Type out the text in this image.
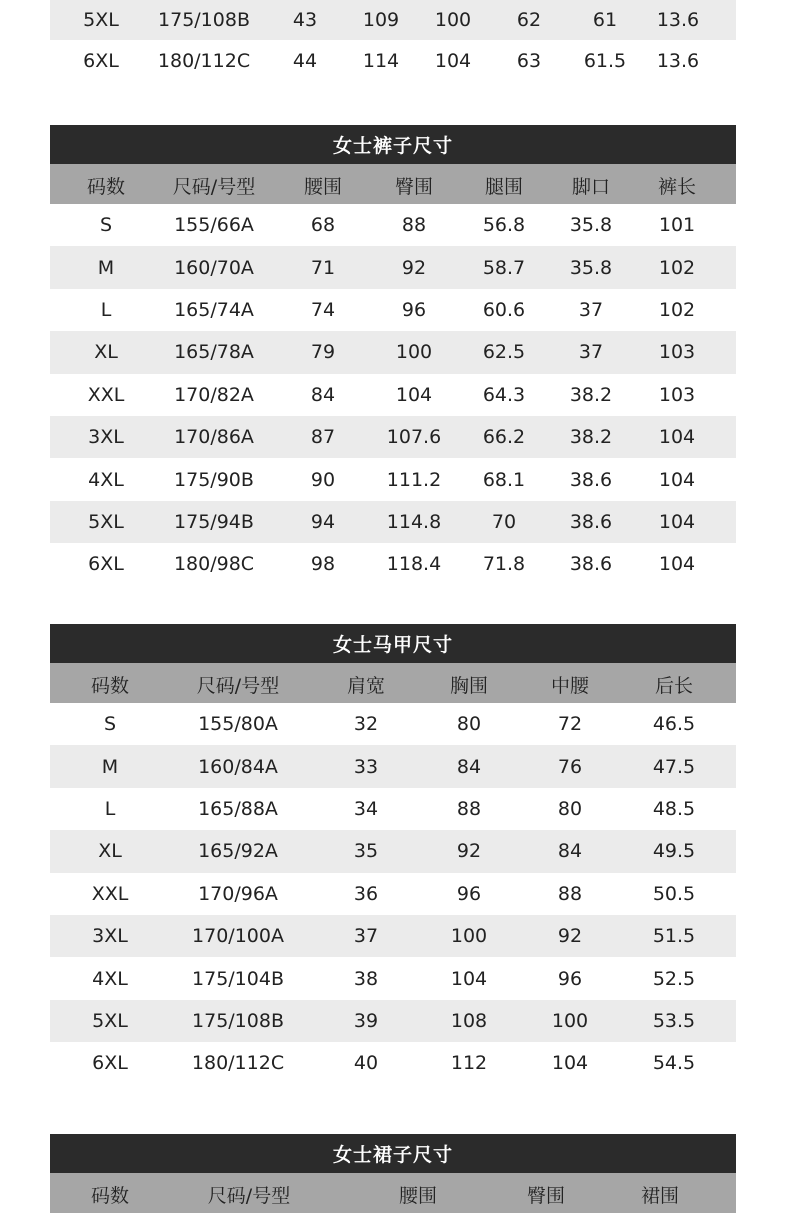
5XL	175/108B	43	109	100	62	61	13.6
6XL	180/112C	44	114	104	63	61.5	13.6
女士裤子尺寸
码数	尺码/号型	腰围	臀围	腿围	脚口	裤长
S	155/66A	68	88	56.8	35.8	101
M	160/70A	71	92	58.7	35.8	102
L	165/74A	74	96	60.6	37	102
XL	165/78A	79	100	62.5	37	103
XXL	170/82A	84	104	64.3	38.2	103
3XL	170/86A	87	107.6	66.2	38.2	104
4XL	175/90B	90	111.2	68.1	38.6	104
5XL	175/94B	94	114.8	70	38.6	104
6XL	180/98C	98	118.4	71.8	38.6	104
女士马甲尺寸
码数	尺码/号型	肩宽	胸围	中腰	后长
S	155/80A	32	80	72	46.5
M	160/84A	33	84	76	47.5
L	165/88A	34	88	80	48.5
XL	165/92A	35	92	84	49.5
XXL	170/96A	36	96	88	50.5
3XL	170/100A	37	100	92	51.5
4XL	175/104B	38	104	96	52.5
5XL	175/108B	39	108	100	53.5
6XL	180/112C	40	112	104	54.5
女士裙子尺寸
码数	尺码/号型	腰围	臀围	裙围
